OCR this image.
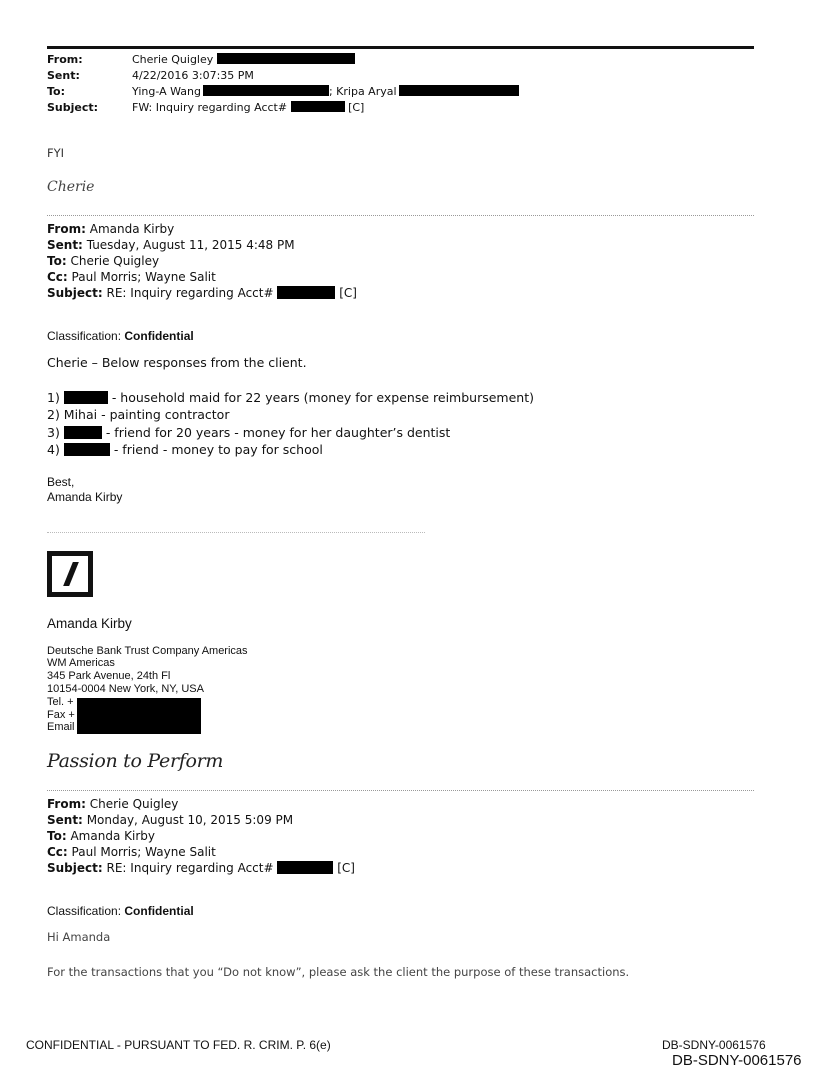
From:	Cherie Quigley
Sent:	4/22/2016 3:07:35 PM
To:	Ying-A Wang	; Kripa Aryal
Subject:	FW: Inquiry regarding Acct#	[C]
FYI
Cherie
From: Amanda Kirby
Sent: Tuesday, August 11, 2015 4:48 PM
To: Cherie Quigley
Cc: Paul Morris; Wayne Salit
Subject: RE: Inquiry regarding Acct#	[C]
Classification: Confidential
Cherie – Below responses from the client.
1)	- household maid for 22 years (money for expense reimbursement)
2) Mihai - painting contractor
3)	- friend for 20 years - money for her daughter’s dentist
4)	- friend - money to pay for school
Best,
Amanda Kirby
Amanda Kirby
Deutsche Bank Trust Company Americas
WM Americas
345 Park Avenue, 24th Fl
10154-0004 New York, NY, USA
Tel. +
Fax +
Email
Passion to Perform
From: Cherie Quigley
Sent: Monday, August 10, 2015 5:09 PM
To: Amanda Kirby
Cc: Paul Morris; Wayne Salit
Subject: RE: Inquiry regarding Acct#	[C]
Classification: Confidential
Hi Amanda
For the transactions that you “Do not know”, please ask the client the purpose of these transactions.
CONFIDENTIAL - PURSUANT TO FED. R. CRIM. P. 6(e)	DB-SDNY-0061576
DB-SDNY-0061576
